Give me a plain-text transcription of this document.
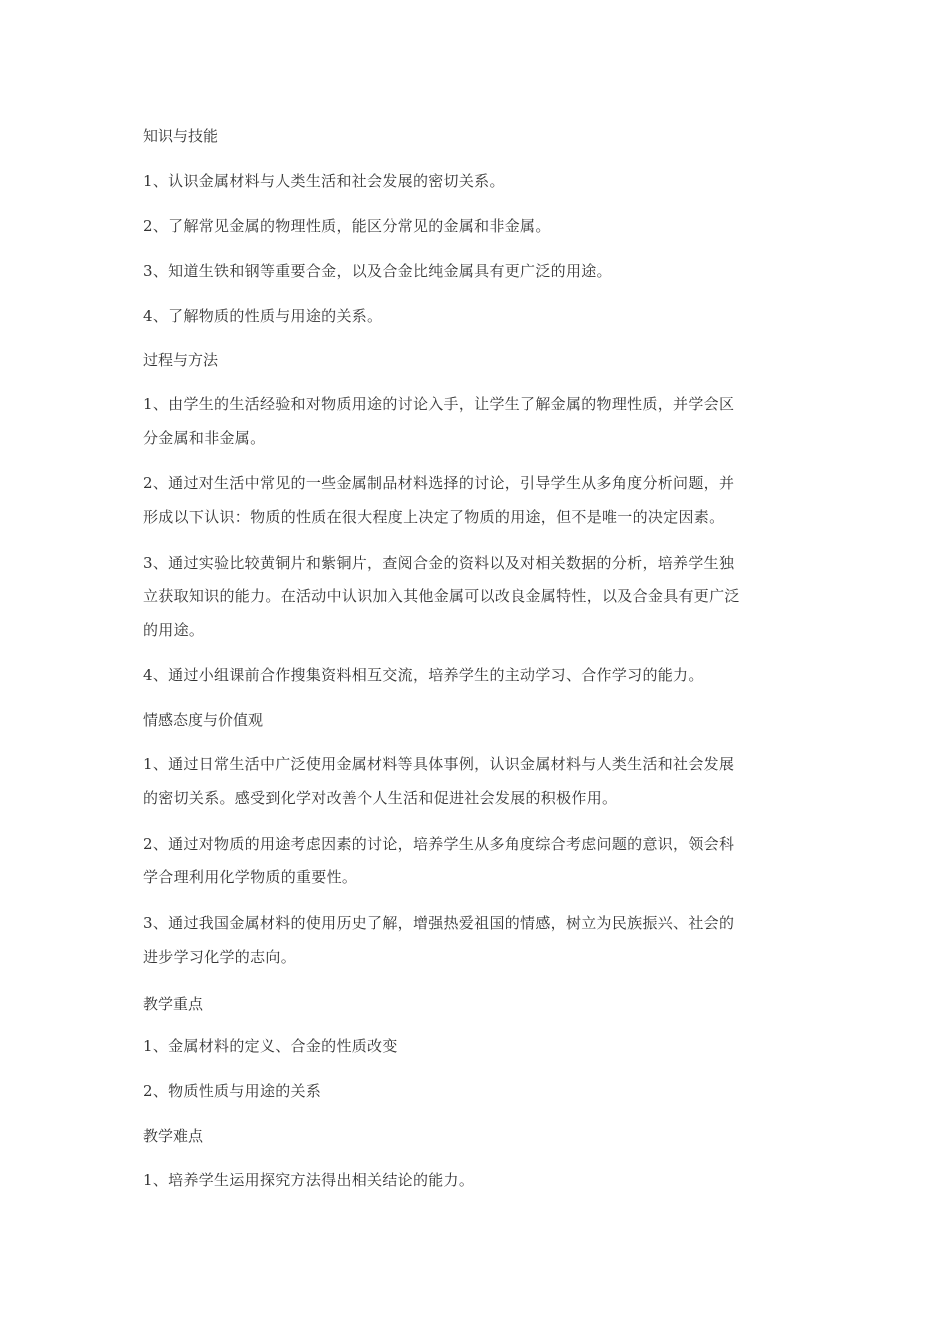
知识与技能

1、认识金属材料与人类生活和社会发展的密切关系。

2、了解常见金属的物理性质，能区分常见的金属和非金属。

3、知道生铁和钢等重要合金，以及合金比纯金属具有更广泛的用途。

4、了解物质的性质与用途的关系。

过程与方法

1、由学生的生活经验和对物质用途的讨论入手，让学生了解金属的物理性质，并学会区

分金属和非金属。

2、通过对生活中常见的一些金属制品材料选择的讨论，引导学生从多角度分析问题，并

形成以下认识：物质的性质在很大程度上决定了物质的用途，但不是唯一的决定因素。

3、通过实验比较黄铜片和紫铜片，查阅合金的资料以及对相关数据的分析，培养学生独

立获取知识的能力。在活动中认识加入其他金属可以改良金属特性，以及合金具有更广泛

的用途。

4、通过小组课前合作搜集资料相互交流，培养学生的主动学习、合作学习的能力。

情感态度与价值观

1、通过日常生活中广泛使用金属材料等具体事例，认识金属材料与人类生活和社会发展

的密切关系。感受到化学对改善个人生活和促进社会发展的积极作用。

2、通过对物质的用途考虑因素的讨论，培养学生从多角度综合考虑问题的意识，领会科

学合理利用化学物质的重要性。

3、通过我国金属材料的使用历史了解，增强热爱祖国的情感，树立为民族振兴、社会的

进步学习化学的志向。

教学重点

1、金属材料的定义、合金的性质改变

2、物质性质与用途的关系

教学难点

1、培养学生运用探究方法得出相关结论的能力。
